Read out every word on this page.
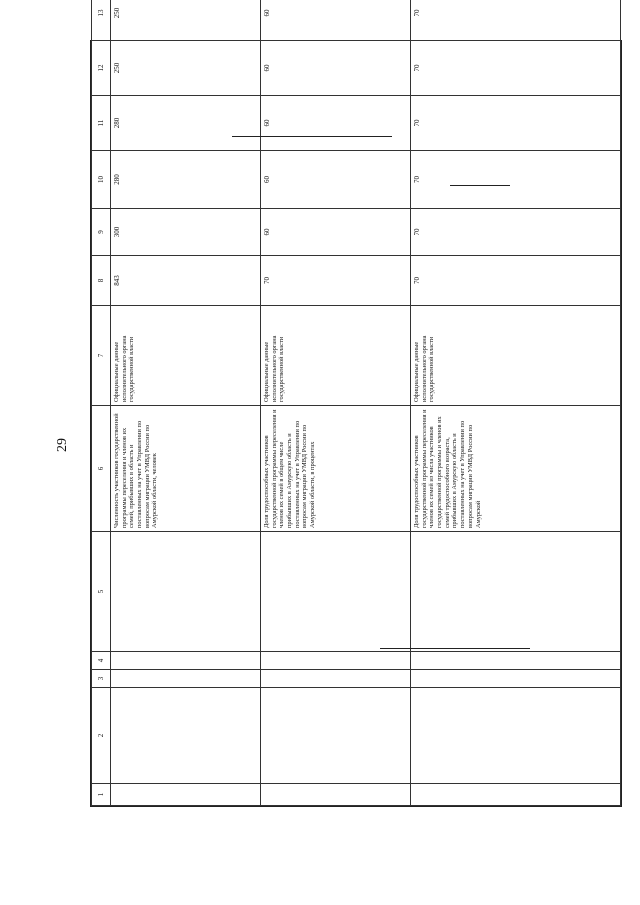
29
1	2	3	4	5	6	7	8	9	10	11	12	13
					Численность участников государственной программы переселения и членов их семей, прибывших в область и поставленных на учет в Управлении по вопросам миграции УМВД России по Амурской области, человек	Официальные данные исполнительного органа государственной власти	843	300	280	280	250	250
					Доля трудоспособных участников государственной программы переселения и членов их семей в общем числе прибывших в Амурскую область и поставленных на учет в Управлении по вопросам миграции УМВД России по Амурской области, в процентах	Официальные данные исполнительного органа государственной власти	70	60	60	60	60	60
					Доля трудоспособных участников государственной программы переселения и членов их семей из числа участников государственной программы и членов их семей трудоспособного возраста, прибывших в Амурскую область и поставленных на учет в Управлении по вопросам миграции УМВД России по Амурской	Официальные данные исполнительного органа государственной власти	70	70	70	70	70	70
